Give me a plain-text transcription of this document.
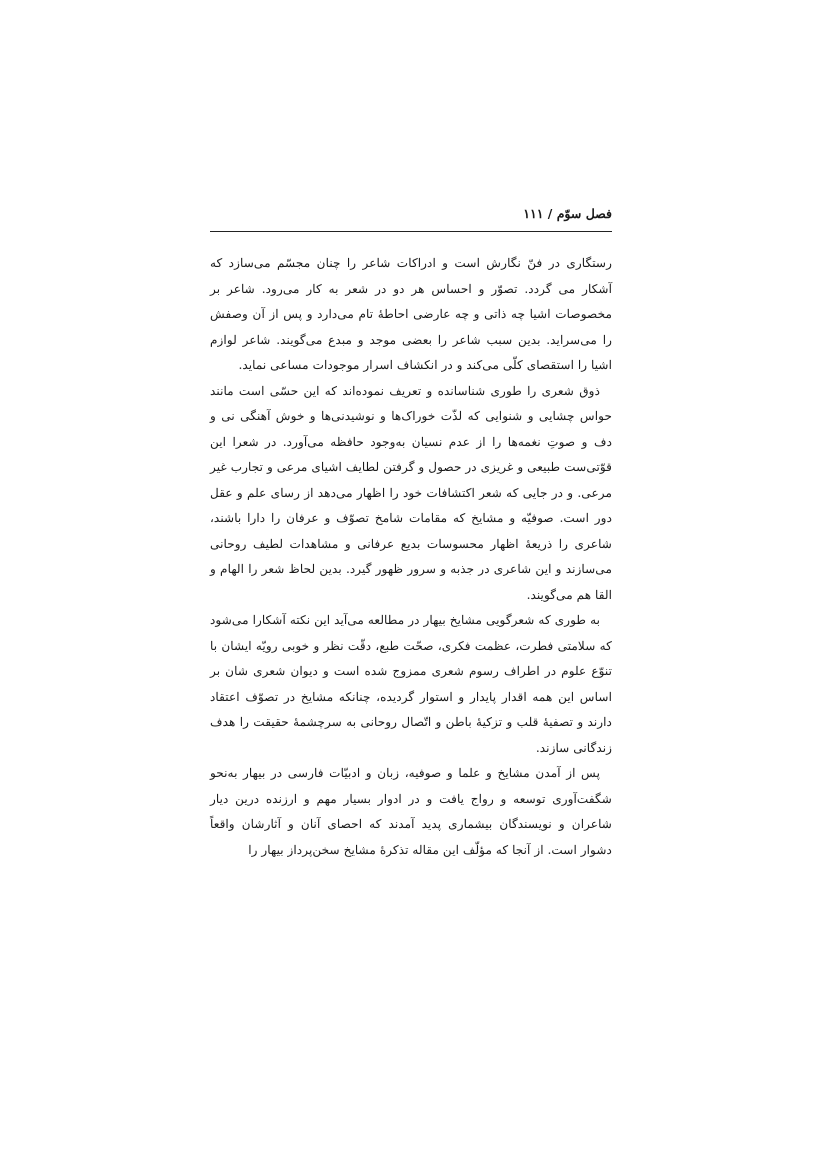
فصل سوّم / ۱۱۱

رستگاری در فنّ نگارش است و ادراکات شاعر را چنان مجسّم می‌سازد که آشکار می گردد. تصوّر و احساس هر دو در شعر به کار می‌رود. شاعر بر مخصوصات اشیا چه ذاتی و چه عارضی احاطهٔ تام می‌دارد و پس از آن وصفش را می‌سراید. بدین سبب شاعر را بعضی موجد و مبدع می‌گویند. شاعر لوازم اشیا را استقصای کلّی می‌کند و در انکشاف اسرار موجودات مساعی نماید.

ذوق شعری را طوری شناسانده و تعریف نموده‌اند که این حسّی است مانند حواس چشایی و شنوایی که لذّت خوراک‌ها و نوشیدنی‌ها و خوش آهنگی نی و دف و صوتِ نغمه‌ها را از عدم نسیان به‌وجود حافظه می‌آورد. در شعرا این قوّتی‌ست طبیعی و غریزی در حصول و گرفتن لطایف اشیای مرعی و تجارب غیر مرعی. و در جایی که شعر اکتشافات خود را اظهار می‌دهد از رسای علم و عقل دور است. صوفیّه و مشایخ که مقامات شامخ تصوّف و عرفان را دارا باشند، شاعری را ذریعهٔ اظهار محسوسات بدیع عرفانی و مشاهدات لطیف روحانی می‌سازند و این شاعری در جذبه و سرور ظهور گیرد. بدین لحاظ شعر را الهام و القا هم می‌گویند.

به طوری که شعرگویی مشایخ بیهار در مطالعه می‌آید این نکته آشکارا می‌شود که سلامتی فطرت، عظمت فکری، صحّت طبع، دقّت نظر و خوبی رویّه ایشان با تنوّع علوم در اطراف رسوم شعری ممزوج شده است و دیوان شعری شان بر اساس این همه اقدار پایدار و استوار گردیده، چنانکه مشایخ در تصوّف اعتقاد دارند و تصفیهٔ قلب و تزکیهٔ باطن و اتّصال روحانی به سرچشمهٔ حقیقت را هدف زندگانی سازند.

پس از آمدن مشایخ و علما و صوفیه، زبان و ادبیّات فارسی در بیهار به‌نحو شگفت‌آوری توسعه و رواج یافت و در ادوار بسیار مهم و ارزنده درین دیار شاعران و نویسندگان بیشماری پدید آمدند که احصای آنان و آثارشان واقعاً دشوار است. از آنجا که مؤلّف این مقاله تذکرهٔ مشایخ سخن‌پرداز بیهار را
